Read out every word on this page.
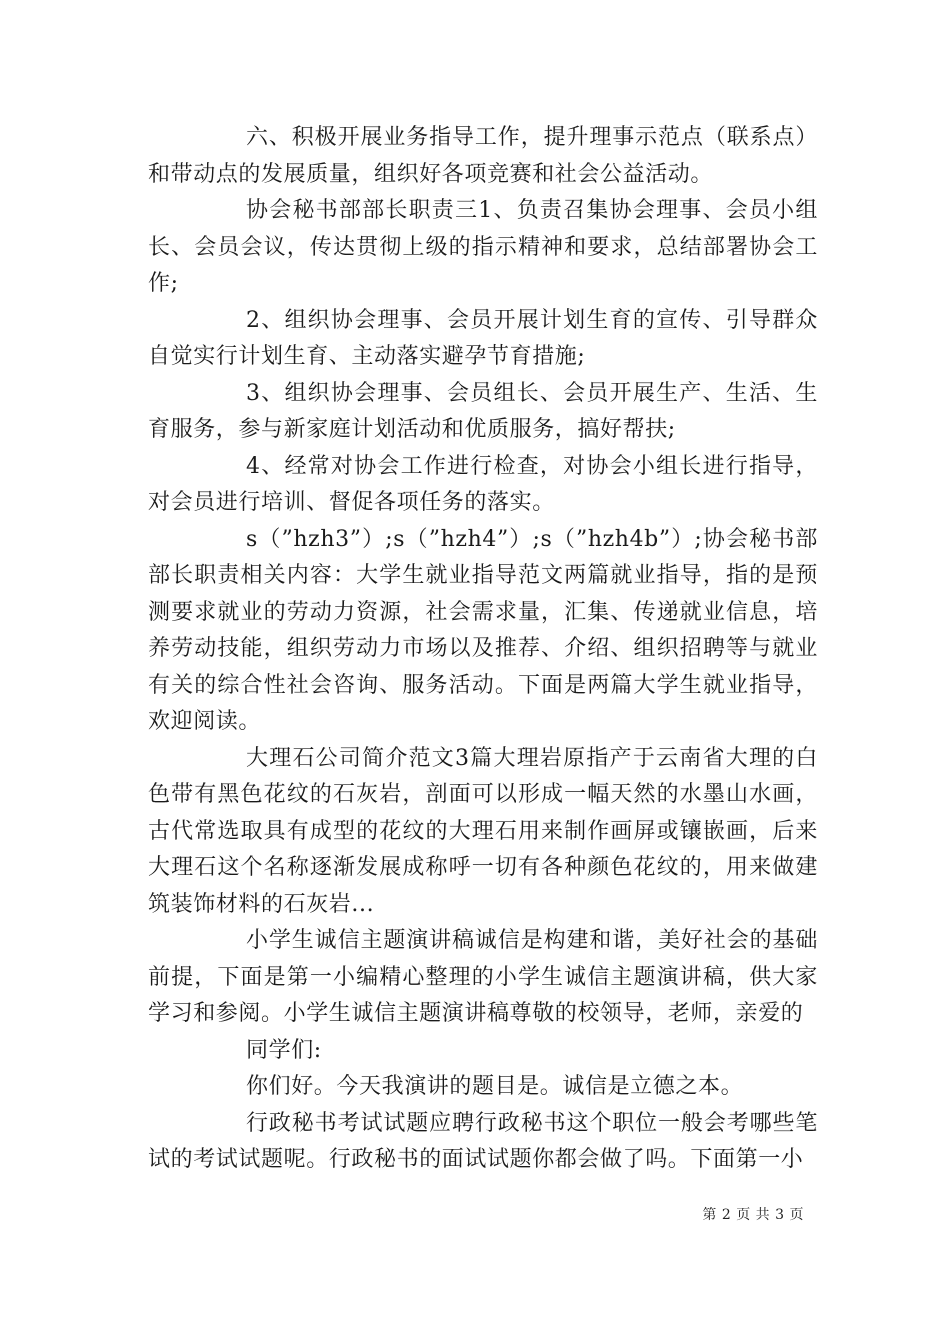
六、积极开展业务指导工作，提升理事示范点（联系点）和带动点的发展质量，组织好各项竞赛和社会公益活动。

协会秘书部部长职责三1、负责召集协会理事、会员小组长、会员会议，传达贯彻上级的指示精神和要求，总结部署协会工作;

2、组织协会理事、会员开展计划生育的宣传、引导群众自觉实行计划生育、主动落实避孕节育措施;

3、组织协会理事、会员组长、会员开展生产、生活、生育服务，参与新家庭计划活动和优质服务，搞好帮扶;

4、经常对协会工作进行检查，对协会小组长进行指导，对会员进行培训、督促各项任务的落实。

s（”hzh3”）;s（”hzh4”）;s（”hzh4b”）;协会秘书部部长职责相关内容：大学生就业指导范文两篇就业指导，指的是预测要求就业的劳动力资源，社会需求量，汇集、传递就业信息，培养劳动技能，组织劳动力市场以及推荐、介绍、组织招聘等与就业有关的综合性社会咨询、服务活动。下面是两篇大学生就业指导，欢迎阅读。

大理石公司简介范文3篇大理岩原指产于云南省大理的白色带有黑色花纹的石灰岩，剖面可以形成一幅天然的水墨山水画，古代常选取具有成型的花纹的大理石用来制作画屏或镶嵌画，后来大理石这个名称逐渐发展成称呼一切有各种颜色花纹的，用来做建筑装饰材料的石灰岩...

小学生诚信主题演讲稿诚信是构建和谐，美好社会的基础前提，下面是第一小编精心整理的小学生诚信主题演讲稿，供大家学习和参阅。小学生诚信主题演讲稿尊敬的校领导，老师，亲爱的

同学们:

你们好。今天我演讲的题目是。诚信是立德之本。

行政秘书考试试题应聘行政秘书这个职位一般会考哪些笔试的考试试题呢。行政秘书的面试试题你都会做了吗。下面第一小

第 2 页 共 3 页
